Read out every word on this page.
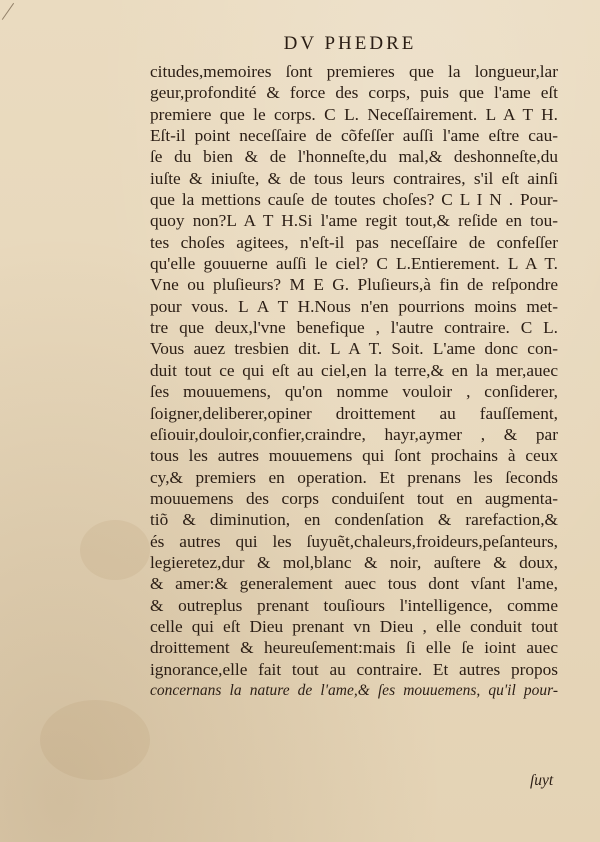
DV PHEDRE
citudes,memoires ſont premieres que la longueur,lar
geur,profondité & force des corps, puis que l'ame eſt
premiere que le corps. C L. Neceſſairement. L A T H.
Eſt-il point neceſſaire de cõfeſſer auſſi l'ame eſtre cau-
ſe du bien & de l'honneſte,du mal,& deshonneſte,du
iuſte & iniuſte, & de tous leurs contraires, s'il eſt ainſi
que la mettions cauſe de toutes choſes? C L I N . Pour-
quoy non?L A T H.Si l'ame regit tout,& reſide en tou-
tes choſes agitees, n'eſt-il pas neceſſaire de confeſſer
qu'elle gouuerne auſſi le ciel? C L.Entierement. L A T.
Vne ou pluſieurs? M E G. Pluſieurs,à fin de reſpondre
pour vous. L A T H.Nous n'en pourrions moins met-
tre que deux,l'vne benefique , l'autre contraire. C L.
Vous auez tresbien dit. L A T. Soit. L'ame donc con-
duit tout ce qui eſt au ciel,en la terre,& en la mer,auec
ſes mouuemens, qu'on nomme vouloir , conſiderer,
ſoigner,deliberer,opiner droittement au fauſſement,
eſiouir,douloir,confier,craindre, hayr,aymer , & par
tous les autres mouuemens qui ſont prochains à ceux
cy,& premiers en operation. Et prenans les ſeconds
mouuemens des corps conduiſent tout en augmenta-
tiõ & diminution, en condenſation & rarefaction,&
és autres qui les ſuyuẽt,chaleurs,froideurs,peſanteurs,
legieretez,dur & mol,blanc & noir, auſtere & doux,
& amer:& generalement auec tous dont vſant l'ame,
& outreplus prenant touſiours l'intelligence, comme
celle qui eſt Dieu prenant vn Dieu , elle conduit tout
droittement & heureuſement:mais ſi elle ſe ioint auec
ignorance,elle fait tout au contraire. Et autres propos
concernans la nature de l'ame,& ſes mouuemens, qu'il pour-
ſuyt
